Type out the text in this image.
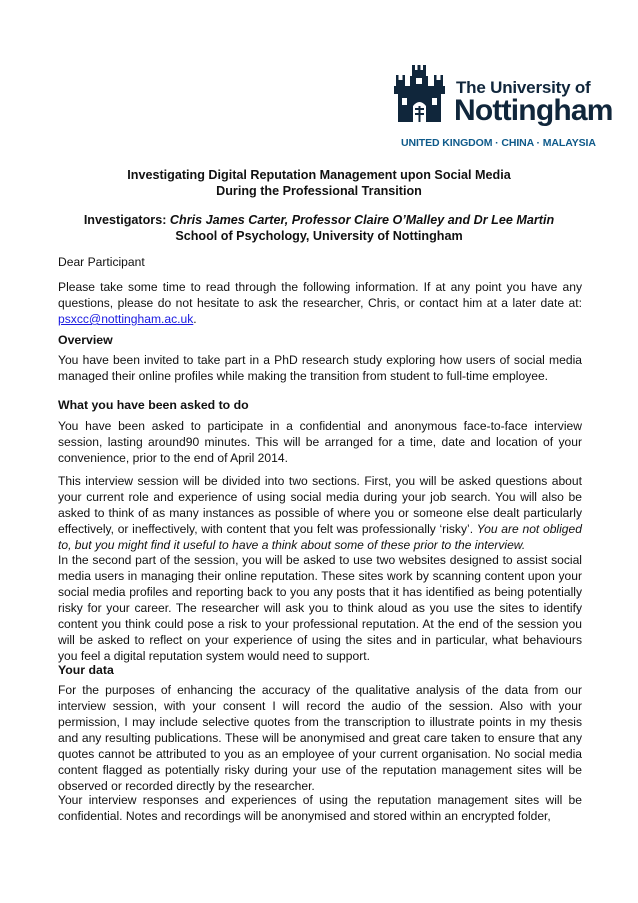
The University of
Nottingham
UNITED KINGDOM · CHINA · MALAYSIA
Investigating Digital Reputation Management upon Social Media
During the Professional Transition
Investigators: Chris James Carter, Professor Claire O’Malley and Dr Lee Martin
School of Psychology, University of Nottingham

Dear Participant

Please take some time to read through the following information. If at any point you have any questions, please do not hesitate to ask the researcher, Chris, or contact him at a later date at: psxcc@nottingham.ac.uk.

Overview

You have been invited to take part in a PhD research study exploring how users of social media managed their online profiles while making the transition from student to full-time employee.

What you have been asked to do

You have been asked to participate in a confidential and anonymous face-to-face interview session, lasting around90 minutes. This will be arranged for a time, date and location of your convenience, prior to the end of April 2014.

This interview session will be divided into two sections. First, you will be asked questions about your current role and experience of using social media during your job search. You will also be asked to think of as many instances as possible of where you or someone else dealt particularly effectively, or ineffectively, with content that you felt was professionally ‘risky’. You are not obliged to, but you might find it useful to have a think about some of these prior to the interview.

In the second part of the session, you will be asked to use two websites designed to assist social media users in managing their online reputation. These sites work by scanning content upon your social media profiles and reporting back to you any posts that it has identified as being potentially risky for your career. The researcher will ask you to think aloud as you use the sites to identify content you think could pose a risk to your professional reputation. At the end of the session you will be asked to reflect on your experience of using the sites and in particular, what behaviours you feel a digital reputation system would need to support.

Your data

For the purposes of enhancing the accuracy of the qualitative analysis of the data from our interview session, with your consent I will record the audio of the session. Also with your permission, I may include selective quotes from the transcription to illustrate points in my thesis and any resulting publications. These will be anonymised and great care taken to ensure that any quotes cannot be attributed to you as an employee of your current organisation. No social media content flagged as potentially risky during your use of the reputation management sites will be observed or recorded directly by the researcher.

Your interview responses and experiences of using the reputation management sites will be confidential. Notes and recordings will be anonymised and stored within an encrypted folder,
